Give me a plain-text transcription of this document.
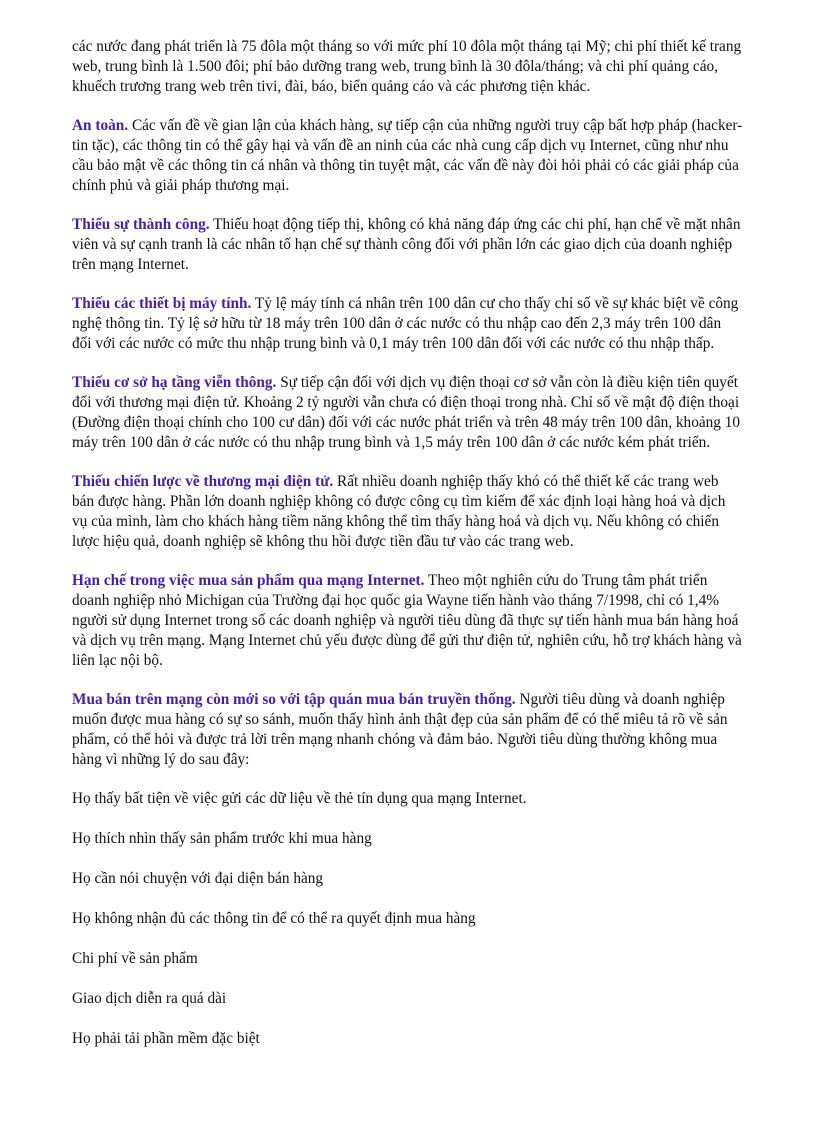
các nước đang phát triển là 75 đôla một tháng so với mức phí 10 đôla một tháng tại Mỹ; chi phí thiết kế trang web, trung bình là 1.500 đôi; phí bảo dưỡng trang web, trung bình là 30 đôla/tháng; và chi phí quảng cáo, khuếch trương trang web trên tivi, đài, báo, biển quảng cáo và các phương tiện khác.

An toàn. Các vấn đề về gian lận của khách hàng, sự tiếp cận của những người truy cập bất hợp pháp (hacker-tin tặc), các thông tin có thể gây hại và vấn đề an ninh của các nhà cung cấp dịch vụ Internet, cũng như nhu cầu bảo mật về các thông tin cá nhân và thông tin tuyệt mật, các vấn đề này đòi hỏi phải có các giải pháp của chính phủ và giải pháp thương mại.

Thiếu sự thành công. Thiếu hoạt động tiếp thị, không có khả năng đáp ứng các chi phí, hạn chế về mặt nhân viên và sự cạnh tranh là các nhân tố hạn chế sự thành công đối với phần lớn các giao dịch của doanh nghiệp trên mạng Internet.

Thiếu các thiết bị máy tính. Tỷ lệ máy tính cá nhân trên 100 dân cư cho thấy chỉ số về sự khác biệt về công nghệ thông tin. Tỷ lệ sở hữu từ 18 máy trên 100 dân ở các nước có thu nhập cao đến 2,3 máy trên 100 dân đối với các nước có mức thu nhập trung bình và 0,1 máy trên 100 dân đối với các nước có thu nhập thấp.

Thiếu cơ sở hạ tầng viễn thông. Sự tiếp cận đối với dịch vụ điện thoại cơ sở vẫn còn là điều kiện tiên quyết đối với thương mại điện tử. Khoảng 2 tỷ người vẫn chưa có điện thoại trong nhà. Chỉ số về mật độ điện thoại (Đường điện thoại chính cho 100 cư dân) đối với các nước phát triển và trên 48 máy trên 100 dân, khoảng 10 máy trên 100 dân ở các nước có thu nhập trung bình và 1,5 máy trên 100 dân ở các nước kém phát triển.

Thiếu chiến lược về thương mại điện tử. Rất nhiều doanh nghiệp thấy khó có thể thiết kế các trang web bán được hàng. Phần lớn doanh nghiệp không có được công cụ tìm kiếm để xác định loại hàng hoá và dịch vụ của mình, làm cho khách hàng tiềm năng không thể tìm thấy hàng hoá và dịch vụ. Nếu không có chiến lược hiệu quả, doanh nghiệp sẽ không thu hồi được tiền đầu tư vào các trang web.

Hạn chế trong việc mua sản phẩm qua mạng Internet. Theo một nghiên cứu do Trung tâm phát triển doanh nghiệp nhỏ Michigan của Trường đại học quốc gia Wayne tiến hành vào tháng 7/1998, chỉ có 1,4% người sử dụng Internet trong số các doanh nghiệp và người tiêu dùng đã thực sự tiến hành mua bán hàng hoá và dịch vụ trên mạng. Mạng Internet chủ yếu được dùng để gửi thư điện tử, nghiên cứu, hỗ trợ khách hàng và liên lạc nội bộ.

Mua bán trên mạng còn mới so với tập quán mua bán truyền thống. Người tiêu dùng và doanh nghiệp muốn được mua hàng có sự so sánh, muốn thấy hình ảnh thật đẹp của sản phẩm để có thể miêu tả rõ về sản phẩm, có thể hỏi và được trả lời trên mạng nhanh chóng và đảm bảo. Người tiêu dùng thường không mua hàng vì những lý do sau đây:

Họ thấy bất tiện về việc gửi các dữ liệu về thẻ tín dụng qua mạng Internet.

Họ thích nhìn thấy sản phẩm trước khi mua hàng

Họ cần nói chuyện với đại diện bán hàng

Họ không nhận đủ các thông tin để có thể ra quyết định mua hàng

Chi phí về sản phẩm

Giao dịch diễn ra quá dài

Họ phải tải phần mềm đặc biệt
